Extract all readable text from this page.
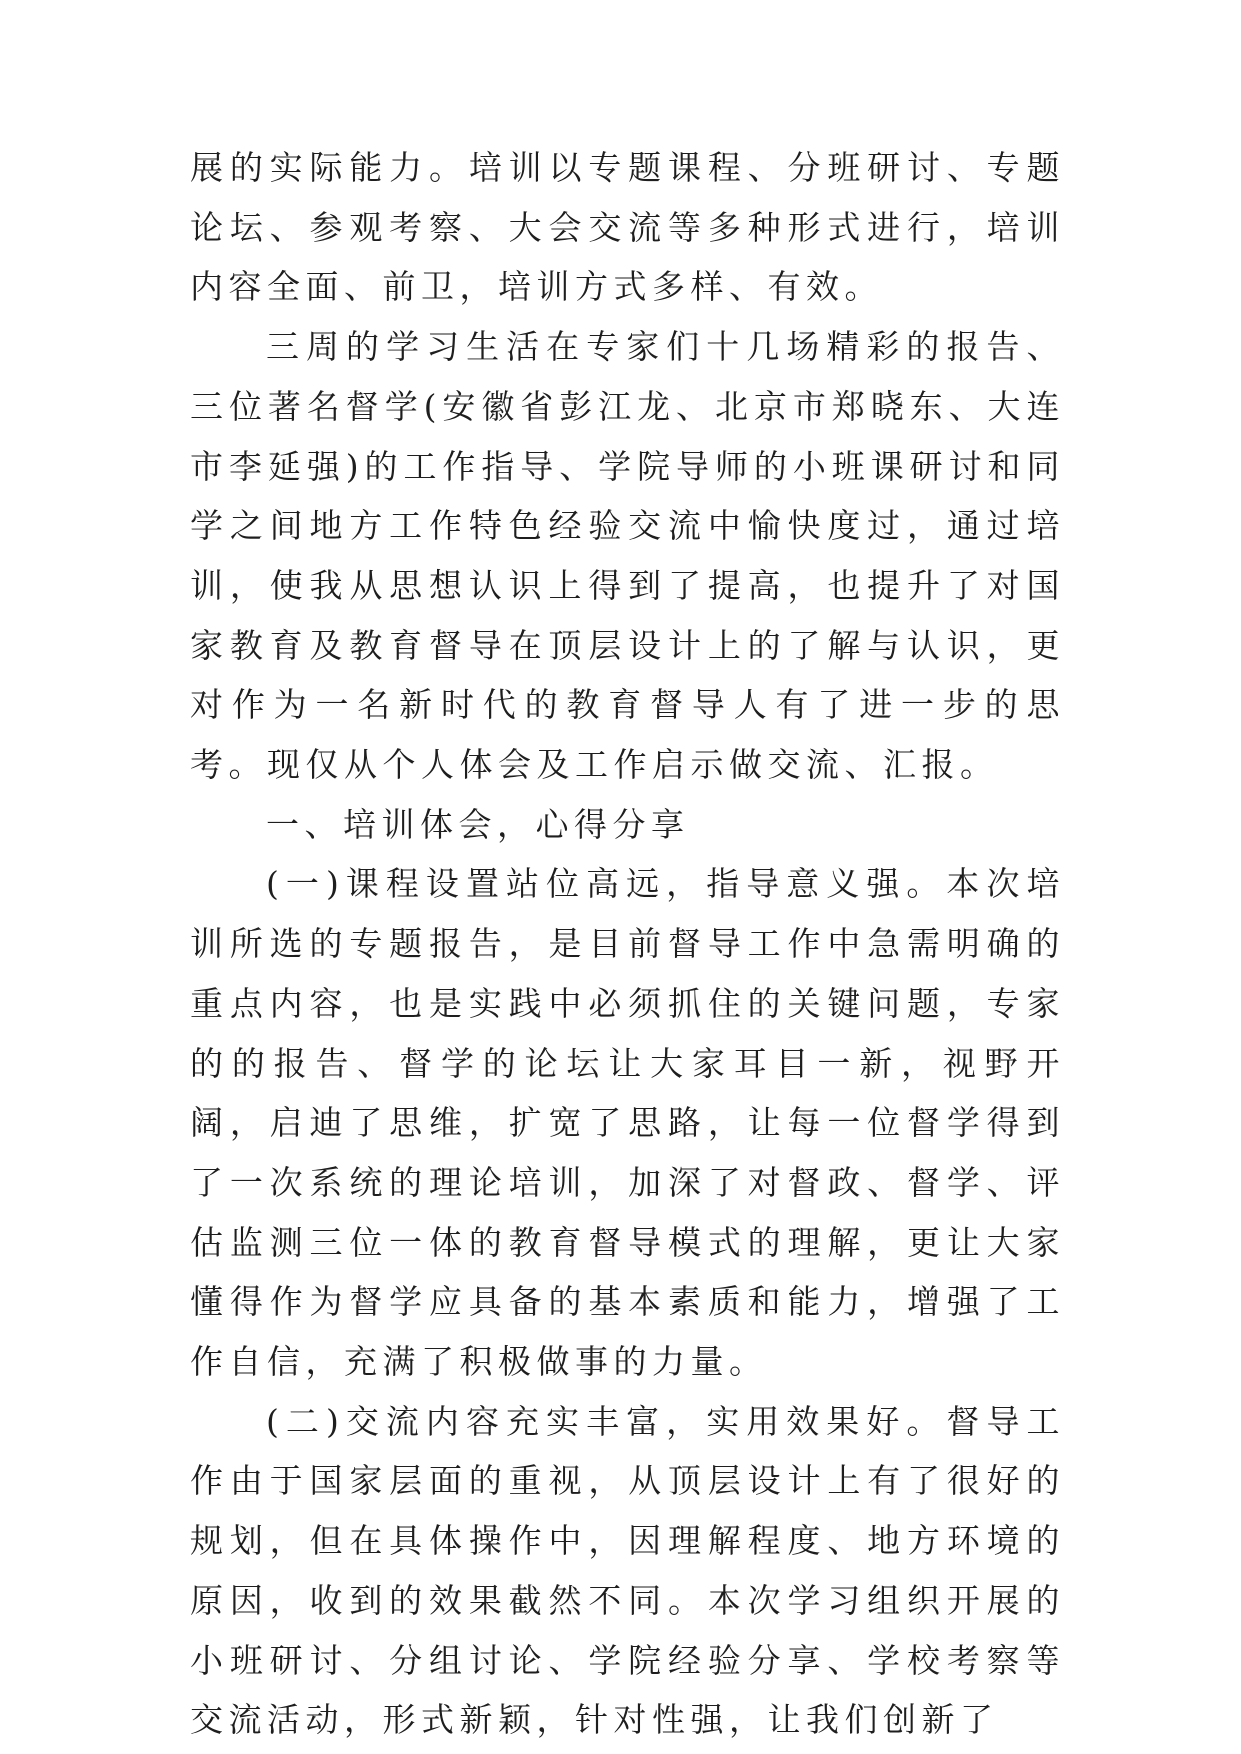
展的实际能力。培训以专题课程、分班研讨、专题论坛、参观考察、大会交流等多种形式进行，培训内容全面、前卫，培训方式多样、有效。

三周的学习生活在专家们十几场精彩的报告、三位著名督学(安徽省彭江龙、北京市郑晓东、大连市李延强)的工作指导、学院导师的小班课研讨和同学之间地方工作特色经验交流中愉快度过，通过培训，使我从思想认识上得到了提高，也提升了对国家教育及教育督导在顶层设计上的了解与认识，更对作为一名新时代的教育督导人有了进一步的思考。现仅从个人体会及工作启示做交流、汇报。

一、培训体会，心得分享

(一)课程设置站位高远，指导意义强。本次培训所选的专题报告，是目前督导工作中急需明确的重点内容，也是实践中必须抓住的关键问题，专家的的报告、督学的论坛让大家耳目一新，视野开阔，启迪了思维，扩宽了思路，让每一位督学得到了一次系统的理论培训，加深了对督政、督学、评估监测三位一体的教育督导模式的理解，更让大家懂得作为督学应具备的基本素质和能力，增强了工作自信，充满了积极做事的力量。

(二)交流内容充实丰富，实用效果好。督导工作由于国家层面的重视，从顶层设计上有了很好的规划，但在具体操作中，因理解程度、地方环境的原因，收到的效果截然不同。本次学习组织开展的小班研讨、分组讨论、学院经验分享、学校考察等交流活动，形式新颖，针对性强，让我们创新了
